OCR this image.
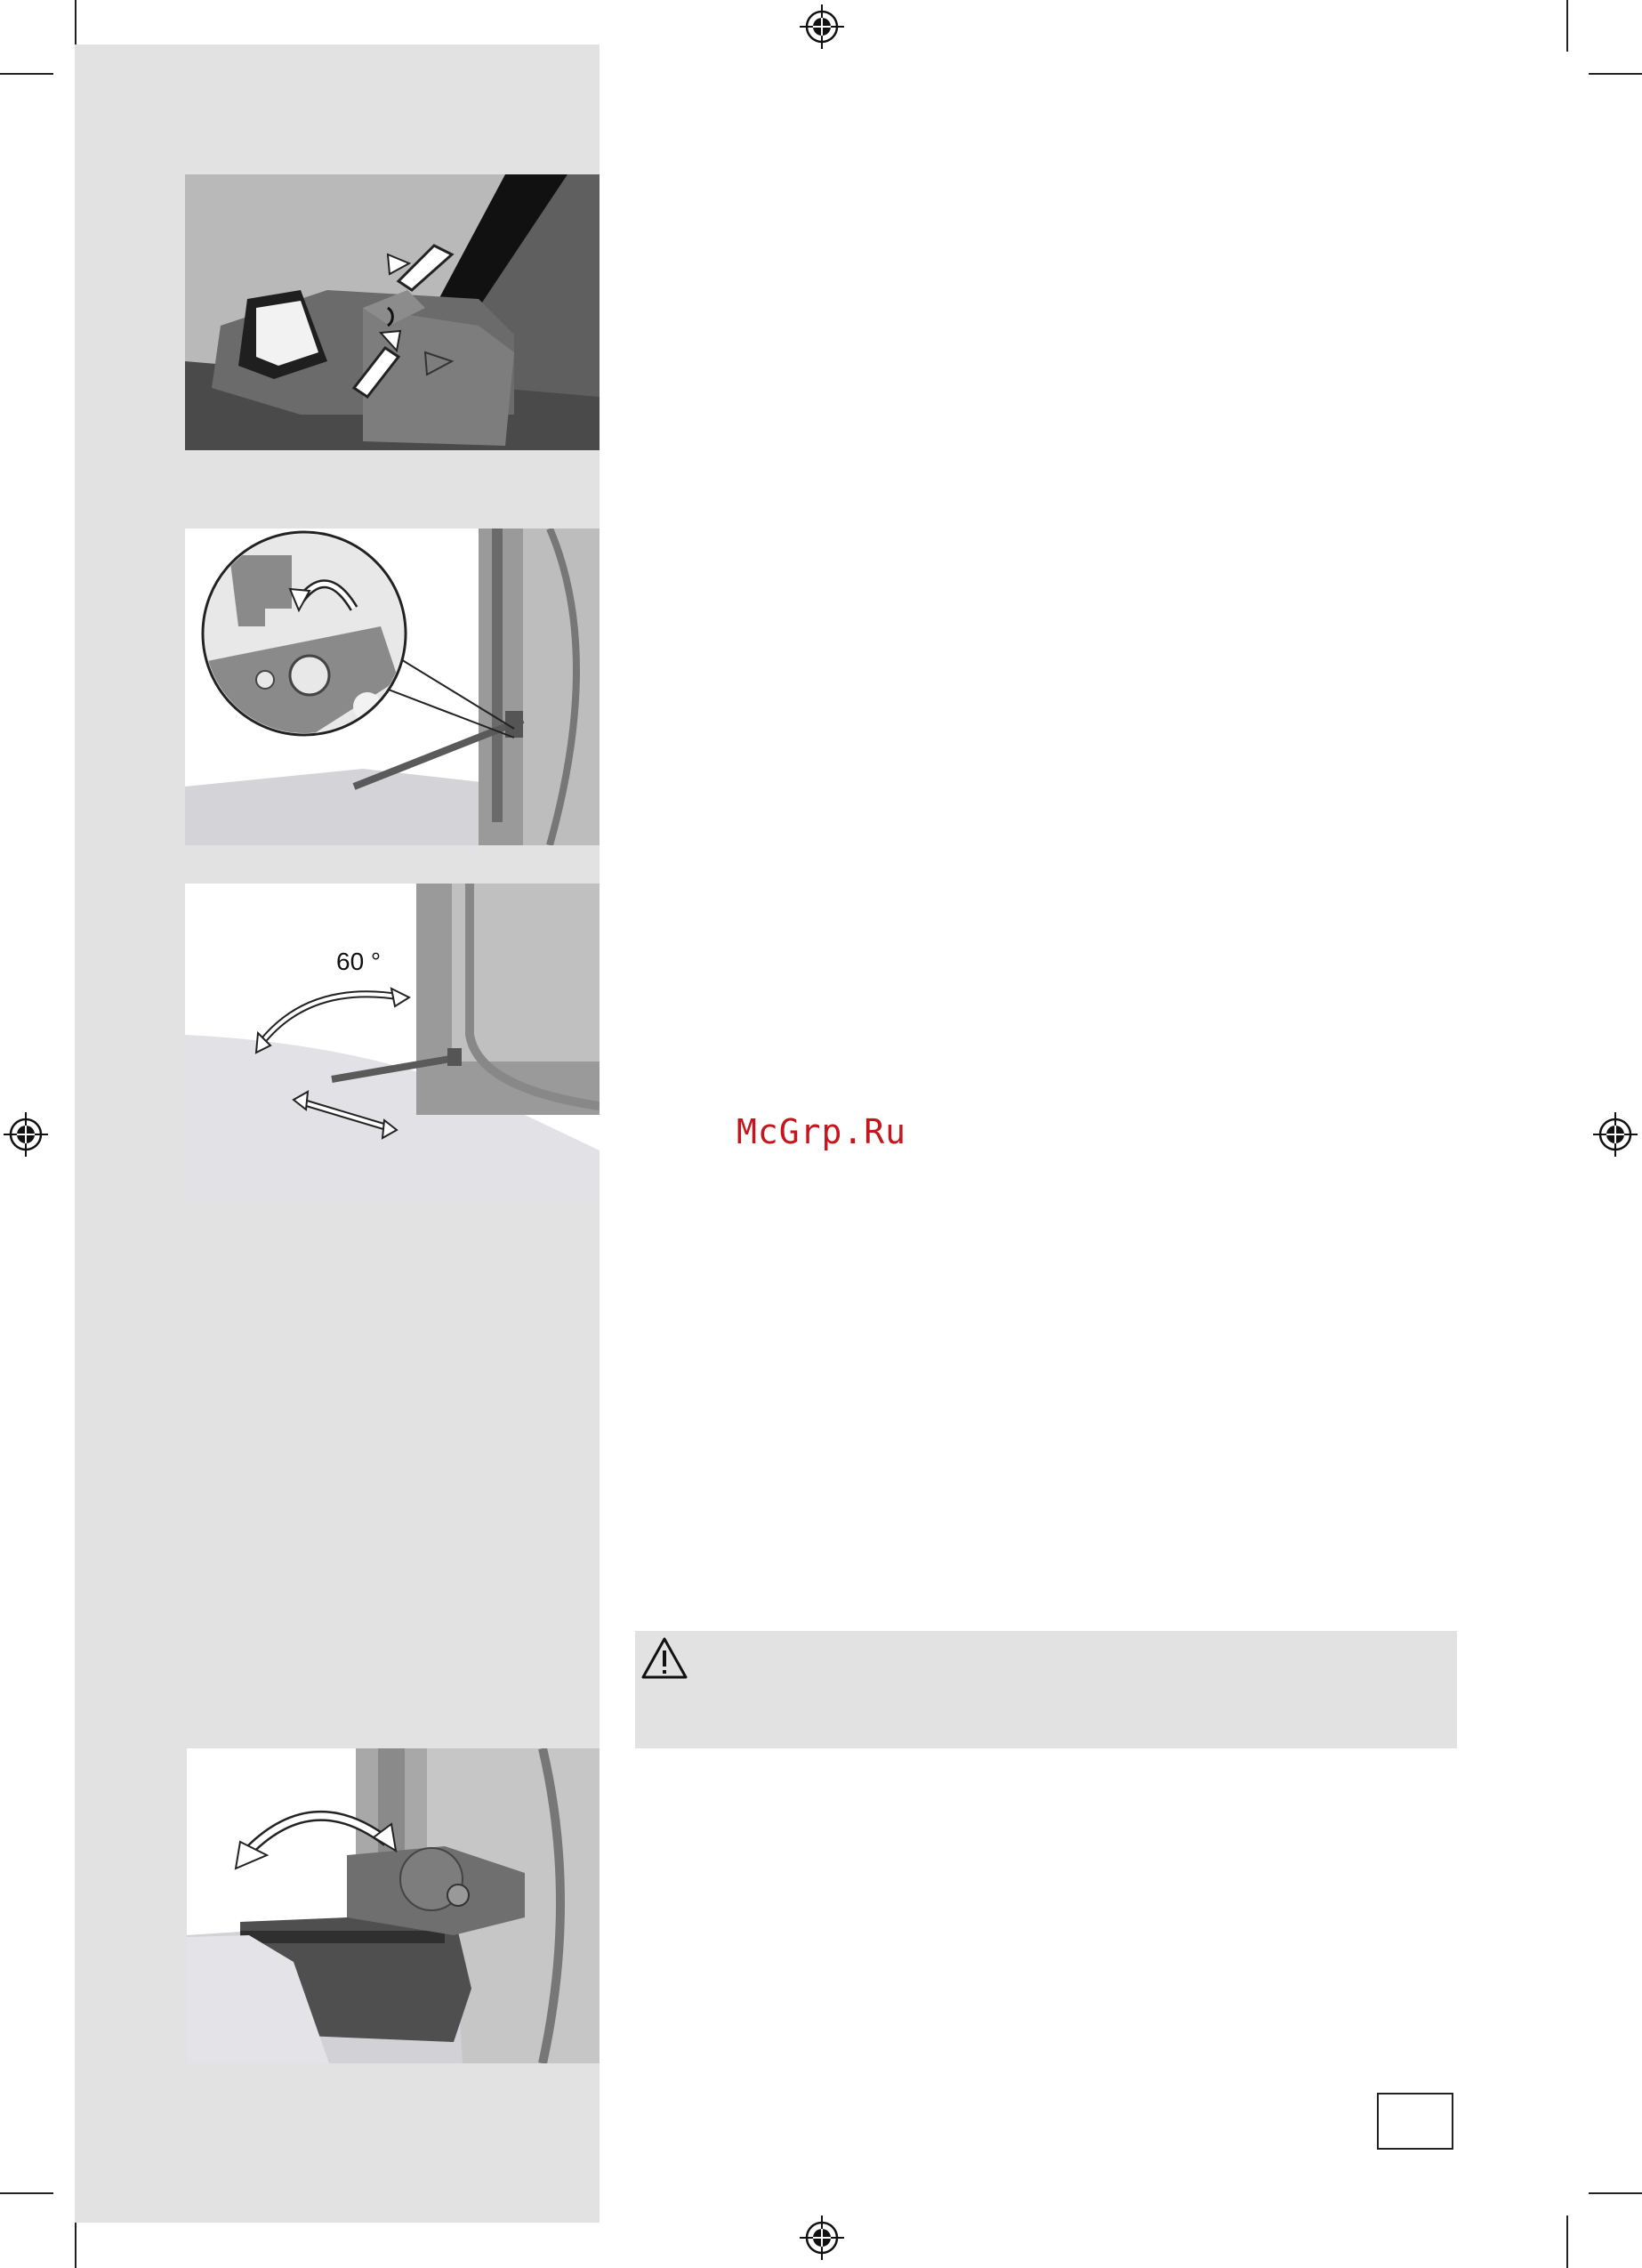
60 °
McGrp.Ru
